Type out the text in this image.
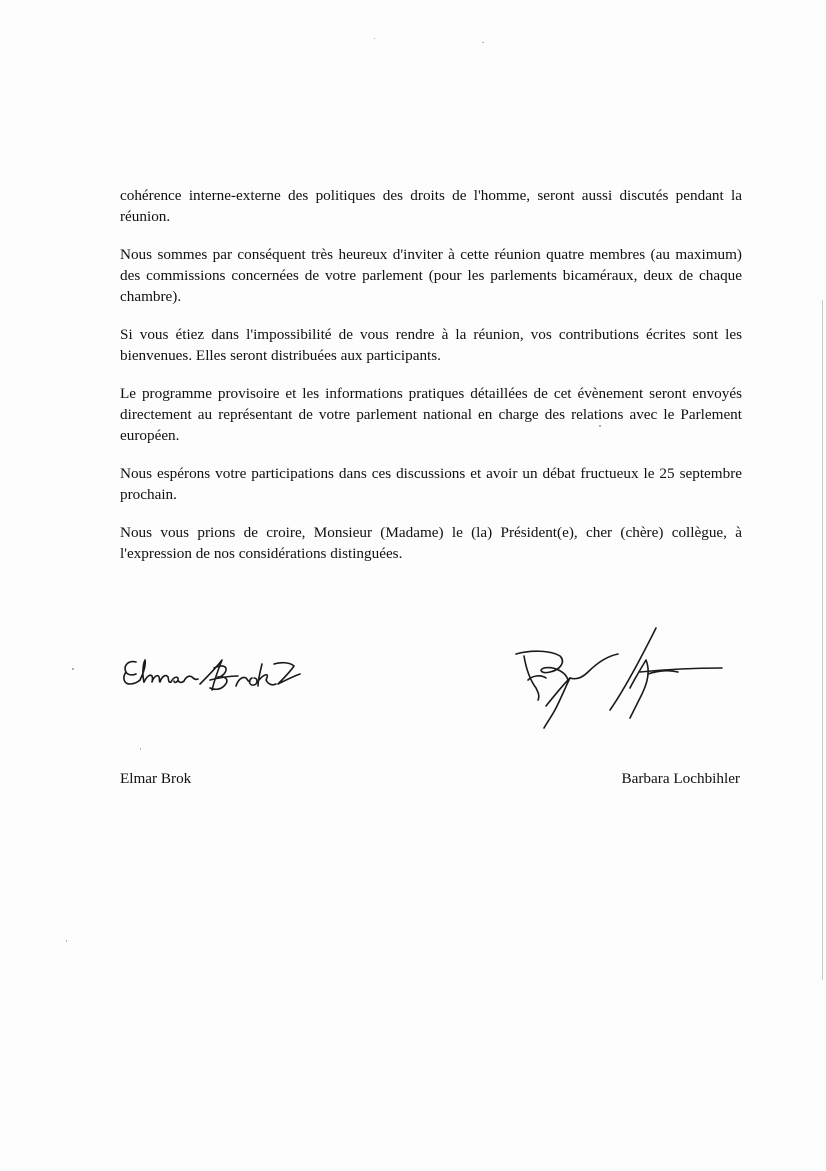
cohérence interne-externe des politiques des droits de l'homme, seront aussi discutés pendant la réunion.

Nous sommes par conséquent très heureux d'inviter à cette réunion quatre membres (au maximum) des commissions concernées de votre parlement (pour les parlements bicaméraux, deux de chaque chambre).

Si vous étiez dans l'impossibilité de vous rendre à la réunion, vos contributions écrites sont les bienvenues. Elles seront distribuées aux participants.

Le programme provisoire et les informations pratiques détaillées de cet évènement seront envoyés directement au représentant de votre parlement national en charge des relations avec le Parlement européen.

Nous espérons votre participations dans ces discussions et avoir un débat fructueux le 25 septembre prochain.

Nous vous prions de croire, Monsieur (Madame) le (la) Président(e), cher (chère) collègue, à l'expression de nos considérations distinguées.

Elmar Brok	Barbara Lochbihler
